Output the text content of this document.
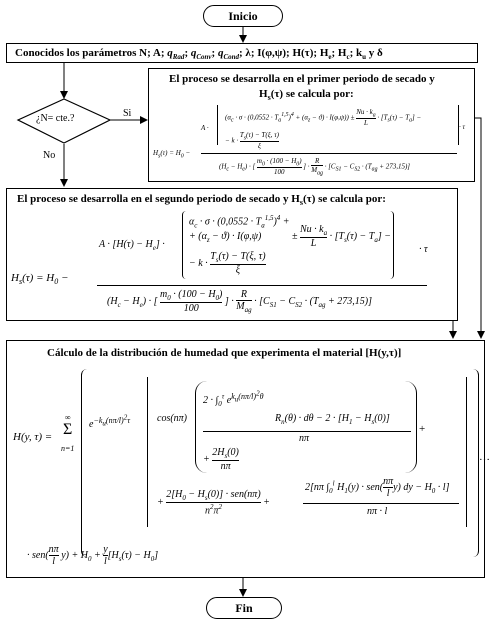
Inicio
Conocidos los parámetros N; A; $q_{Rad}$; $q_{Conv}$; $q_{Cond}$; λ; I(φ,ψ); H(τ); $H_e$; $H_c$; $k_u$ y δ
¿N= cte.?	Si
No
El proceso se desarrolla en el primer periodo de secado y
$H_s(\tau)$ se calcula por:
$H_s(\tau) = H_0$ −
A ·
$(\alpha_c \cdot \sigma \cdot (0,0552 \cdot T_a^{1,5})^4 + (\alpha_z - ϑ) \cdot I(\varphi,\psi)) \pm \frac{Nu \cdot k_a}{L} \cdot [T_s(\tau) - T_a]$ −
− $k \cdot \frac{T_s(\tau) - T(\xi, \tau)}{\xi}$
· τ
$(H_c - H_e)$ · [ $\frac{m_0 \cdot (100 - H_0)}{100}$ ] ·
R
$M_{ag}$
· $[C_{S1} - C_{S2} \cdot (T_{ag} + 273,15)]$
El proceso se desarrolla en el segundo periodo de secado y $H_s(\tau)$ se calcula por:
$H_s(\tau) = H_0$ −
$A \cdot [H(\tau) - H_e]$ ·
$\alpha_c \cdot \sigma \cdot (0,0552 \cdot T_a^{1,5})^4$ +
+ $(\alpha_z - ϑ) \cdot I(\varphi,\psi)$
− $k \cdot \frac{T_s(\tau) - T(\xi, \tau)}{\xi}$
± $\frac{Nu \cdot k_a}{L} \cdot [T_s(\tau) - T_a]$ −
· τ
$(H_c - H_e)$ · [ $\frac{m_0 \cdot (100 - H_0)}{100}$ ] ·
R
$M_{ag}$
· $[C_{S1} - C_{S2} \cdot (T_{ag} + 273,15)]$
Cálculo de la distribución de humedad que experimenta el material [H(y,τ)]
H(y, τ) = Σ
∞
n=1
$e^{-k_u(n\pi/l)^2\tau}$	cos(nπ)
$2 \cdot \int_0^\tau$ $e^{k_u(n\pi/l)^2\theta}$
$R_n(\theta) \cdot d\theta - 2 \cdot [H_1 - H_s(0)]$
nπ
+ $\frac{2H_s(0)}{n\pi}$
+
+
$2[H_0 - H_s(0)] \cdot sen(n\pi)$
$n^2\pi^2$	+
2[nπ $\int_0^l$ $H_1(y) \cdot sen( \frac{n\pi}{l} y)$ dy − $H_0 \cdot l$]
nπ · l
…
· $sen( \frac{n\pi}{l} y) + H_0 + \frac{y}{l} [H_s(\tau) - H_0]$
Fin
